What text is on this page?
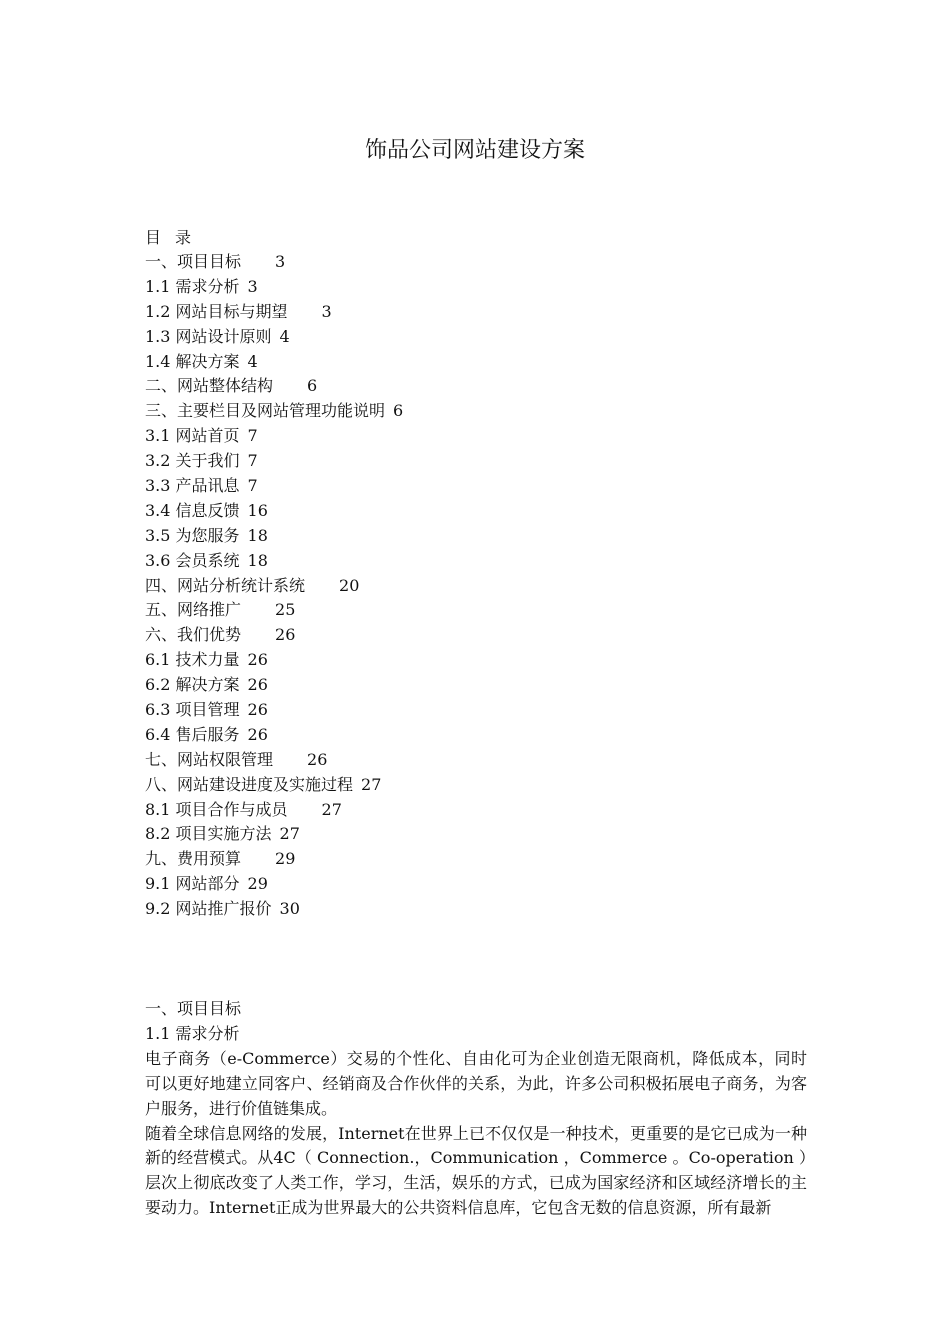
饰品公司网站建设方案
目录
一、项目目标 3
1.1 需求分析 3
1.2 网站目标与期望 3
1.3 网站设计原则 4
1.4 解决方案 4
二、网站整体结构 6
三、主要栏目及网站管理功能说明 6
3.1 网站首页 7
3.2 关于我们 7
3.3 产品讯息 7
3.4 信息反馈 16
3.5 为您服务 18
3.6 会员系统 18
四、网站分析统计系统 20
五、网络推广 25
六、我们优势 26
6.1 技术力量 26
6.2 解决方案 26
6.3 项目管理 26
6.4 售后服务 26
七、网站权限管理 26
八、网站建设进度及实施过程 27
8.1 项目合作与成员 27
8.2 项目实施方法 27
九、费用预算 29
9.1 网站部分 29
9.2 网站推广报价 30
一、项目目标
1.1 需求分析

电子商务（e-Commerce）交易的个性化、自由化可为企业创造无限商机，降低成本，同时可以更好地建立同客户、经销商及合作伙伴的关系，为此，许多公司积极拓展电子商务，为客户服务，进行价值链集成。

随着全球信息网络的发展，Internet在世界上已不仅仅是一种技术，更重要的是它已成为一种新的经营模式。从4C（ Connection.，Communication ，Commerce 。Co-operation ）层次上彻底改变了人类工作，学习，生活，娱乐的方式，已成为国家经济和区域经济增长的主要动力。Internet正成为世界最大的公共资料信息库，它包含无数的信息资源，所有最新
